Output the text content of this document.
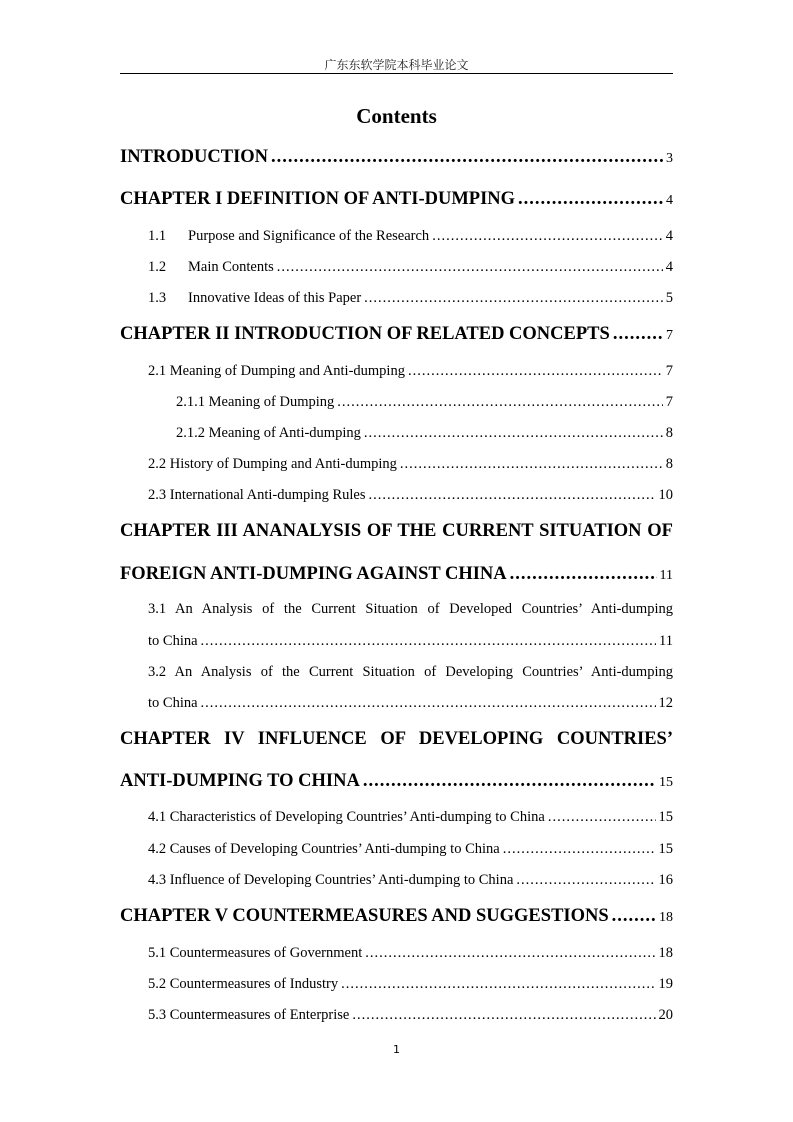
广东东软学院本科毕业论文
Contents
INTRODUCTION .....	3
CHAPTER I DEFINITION OF ANTI-DUMPING .....	4
1.1 Purpose and Significance of the Research .....	4
1.2 Main Contents .....	4
1.3 Innovative Ideas of this Paper .....	5
CHAPTER II INTRODUCTION OF RELATED CONCEPTS .....	7
2.1 Meaning of Dumping and Anti-dumping .....	7
2.1.1 Meaning of Dumping .....	7
2.1.2 Meaning of Anti-dumping .....	8
2.2 History of Dumping and Anti-dumping .....	8
2.3 International Anti-dumping Rules .....	10
CHAPTER III ANANALYSIS OF THE CURRENT SITUATION OF
FOREIGN ANTI-DUMPING AGAINST CHINA .....	11
3.1 An Analysis of the Current Situation of Developed Countries’ Anti-dumping
to China .....	11
3.2 An Analysis of the Current Situation of Developing Countries’ Anti-dumping
to China .....	12
CHAPTER IV INFLUENCE OF DEVELOPING COUNTRIES’
ANTI-DUMPING TO CHINA .....	15
4.1 Characteristics of Developing Countries’ Anti-dumping to China .....	15
4.2 Causes of Developing Countries’ Anti-dumping to China .....	15
4.3 Influence of Developing Countries’ Anti-dumping to China .....	16
CHAPTER V COUNTERMEASURES AND SUGGESTIONS .....	18
5.1 Countermeasures of Government .....	18
5.2 Countermeasures of Industry .....	19
5.3 Countermeasures of Enterprise .....	20
1
